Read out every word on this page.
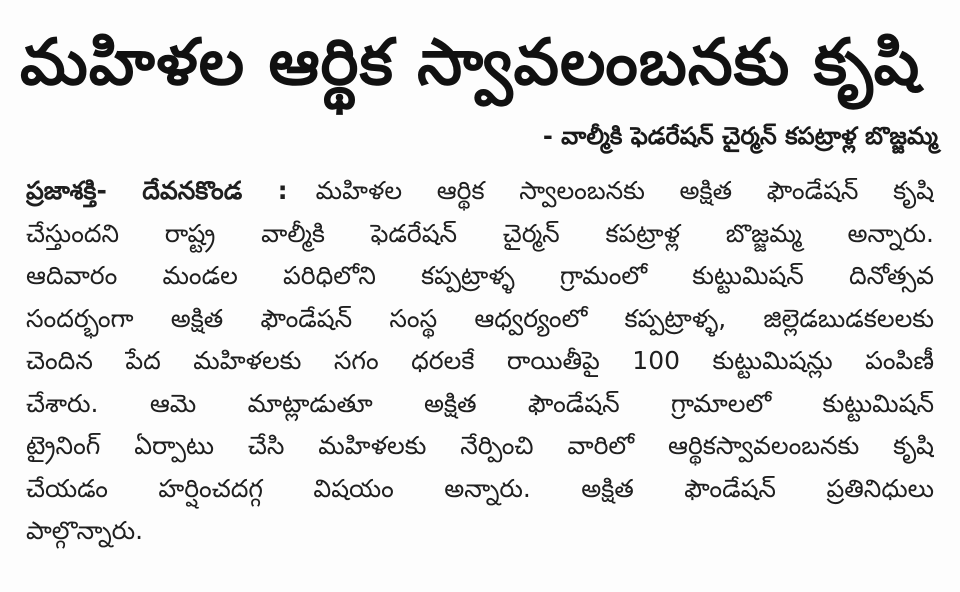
మహిళల ఆర్థిక స్వావలంబనకు కృషి

- వాల్మీకి ఫెడరేషన్ చైర్మన్ కపట్రాళ్ల బొజ్జమ్మ

ప్రజాశక్తి- దేవనకొండ : మహిళల ఆర్థిక స్వాలంబనకు అక్షిత ఫౌండేషన్ కృషి
చేస్తుందని రాష్ట్ర వాల్మీకి ఫెడరేషన్ చైర్మన్ కపట్రాళ్ల బొజ్జమ్మ అన్నారు.
ఆదివారం మండల పరిధిలోని కప్పట్రాళ్ళ గ్రామంలో కుట్టుమిషన్ దినోత్సవ
సందర్భంగా అక్షిత ఫౌండేషన్ సంస్థ ఆధ్వర్యంలో కప్పట్రాళ్ళ, జిల్లెడబుడకలలకు
చెందిన పేద మహిళలకు సగం ధరలకే రాయితీపై 100 కుట్టుమిషన్లు పంపిణీ
చేశారు. ఆమె మాట్లాడుతూ అక్షిత ఫౌండేషన్ గ్రామాలలో కుట్టుమిషన్
ట్రైనింగ్ ఏర్పాటు చేసి మహిళలకు నేర్పించి వారిలో ఆర్థికస్వావలంబనకు కృషి
చేయడం హర్షించదగ్గ విషయం అన్నారు. అక్షిత ఫౌండేషన్ ప్రతినిధులు
పాల్గొన్నారు.
